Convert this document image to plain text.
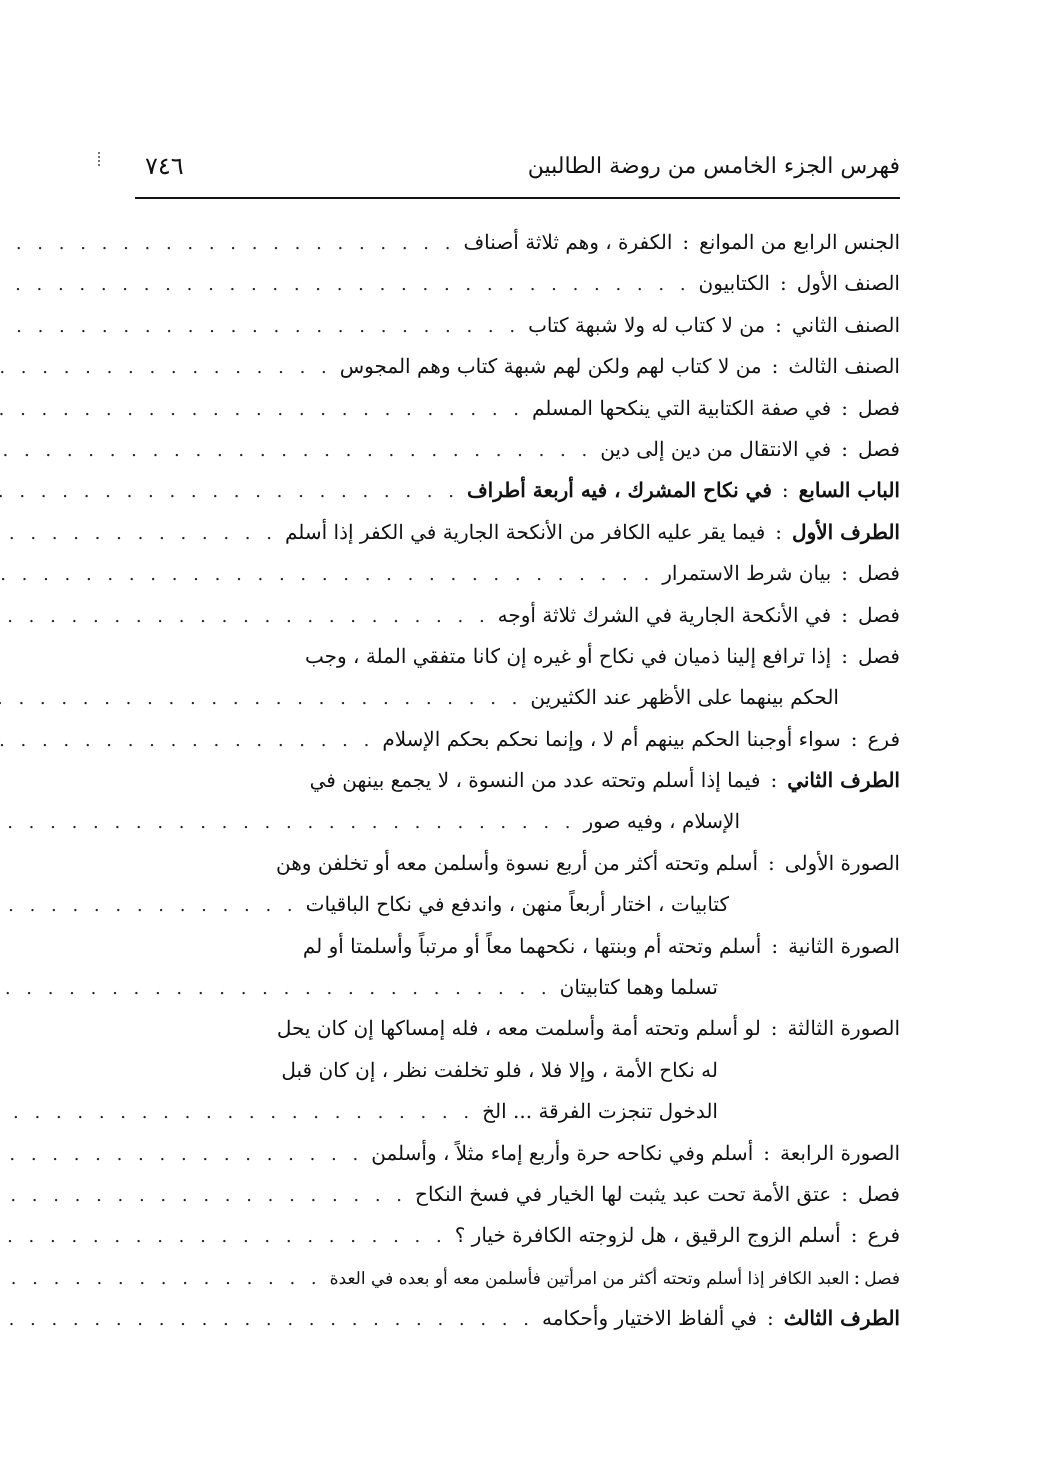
فهرس الجزء الخامس من روضة الطالبين
٧٤٦
الجنس الرابع من الموانع
:
الكفرة ، وهم ثلاثة أصناف
. . .
الصنف الأول
:
الكتابيون
. . .
الصنف الثاني
:
من لا كتاب له ولا شبهة كتاب
. . .
الصنف الثالث
:
من لا كتاب لهم ولكن لهم شبهة كتاب وهم المجوس
. . .
فصل
:
في صفة الكتابية التي ينكحها المسلم
. . .
فصل
:
في الانتقال من دين إلى دين
. . .
الباب السابع
:
في نكاح المشرك ، فيه أربعة أطراف
. . .
الطرف الأول
:
فيما يقر عليه الكافر من الأنكحة الجارية في الكفر إذا أسلم
. . .
فصل
:
بيان شرط الاستمرار
. . .
فصل
:
في الأنكحة الجارية في الشرك ثلاثة أوجه
. . .
فصل
:
إذا ترافع إلينا ذميان في نكاح أو غيره إن كانا متفقي الملة ، وجب
الحكم بينهما على الأظهر عند الكثيرين
. . .
فرع
:
سواء أوجبنا الحكم بينهم أم لا ، وإنما نحكم بحكم الإسلام
. . .
الطرف الثاني
:
فيما إذا أسلم وتحته عدد من النسوة ، لا يجمع بينهن في
الإسلام ، وفيه صور
. . .
الصورة الأولى
:
أسلم وتحته أكثر من أربع نسوة وأسلمن معه أو تخلفن وهن
كتابيات ، اختار أربعاً منهن ، واندفع في نكاح الباقيات
. . .
الصورة الثانية
:
أسلم وتحته أم وبنتها ، نكحهما معاً أو مرتباً وأسلمتا أو لم
تسلما وهما كتابيتان
. . .
الصورة الثالثة
:
لو أسلم وتحته أمة وأسلمت معه ، فله إمساكها إن كان يحل
له نكاح الأمة ، وإلا فلا ، فلو تخلفت نظر ، إن كان قبل
الدخول تنجزت الفرقة ... الخ
. . .
الصورة الرابعة
:
أسلم وفي نكاحه حرة وأربع إماء مثلاً ، وأسلمن
. . .
فصل
:
عتق الأمة تحت عبد يثبت لها الخيار في فسخ النكاح
. . .
فرع
:
أسلم الزوج الرقيق ، هل لزوجته الكافرة خيار ؟
. . .
فصل
:
العبد الكافر إذا أسلم وتحته أكثر من امرأتين فأسلمن معه أو بعده في العدة
. . .
الطرف الثالث
:
في ألفاظ الاختيار وأحكامه
. . .
